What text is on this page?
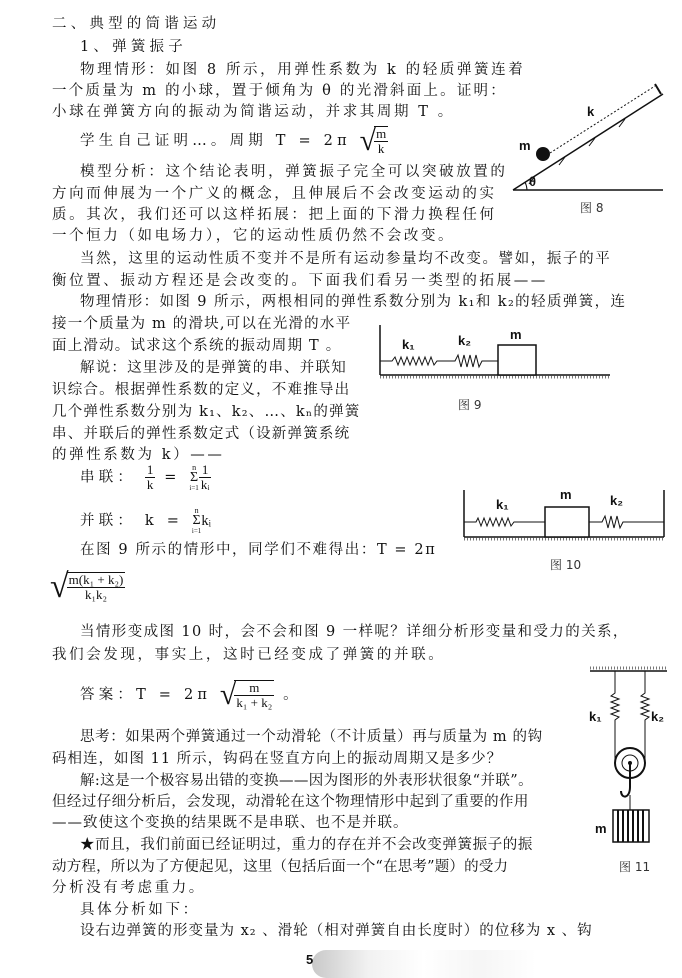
二、典型的筒谐运动
1、弹簧振子
物理情形：如图 8 所示，用弹性系数为 k 的轻质弹簧连着
一个质量为 m 的小球，置于倾角为 θ 的光滑斜面上。证明：
小球在弹簧方向的振动为简谐运动，并求其周期 T 。
学生自己证明…。周期 T = 2π √
$\frac{m}{k}$
模型分析：这个结论表明，弹簧振子完全可以突破放置的
方向而伸展为一个广义的概念，且伸展后不会改变运动的实
质。其次，我们还可以这样拓展：把上面的下滑力换程任何
一个恒力（如电场力），它的运动性质仍然不会改变。
当然，这里的运动性质不变并不是所有运动参量均不改变。譬如，振子的平
衡位置、振动方程还是会改变的。下面我们看另一类型的拓展——
物理情形：如图 9 所示，两根相同的弹性系数分别为 k₁和 k₂的轻质弹簧，连
接一个质量为 m 的滑块,可以在光滑的水平
面上滑动。试求这个系统的振动周期 T 。
解说：这里涉及的是弹簧的串、并联知
识综合。根据弹性系数的定义，不难推导出
几个弹性系数分别为 k₁、k₂、…、kₙ的弹簧
串、并联后的弹性系数定式（设新弹簧系统
的弹性系数为 k）——
串联： $\frac{1}{k}$ =
n
Σ
$i=1 \frac{1}{\text{kᵢ}}$
并联： k =
n
Σ
i=1
kᵢ
在图 9 所示的情形中，同学们不难得出：T = 2π
√
$\frac{\text{m(k₁ + k₂)}}{\text{k₁k₂}}$
当情形变成图 10 时，会不会和图 9 一样呢？详细分析形变量和受力的关系，
我们会发现，事实上，这时已经变成了弹簧的并联。
答案：T = 2π √
$\frac{m}{\text{k₁ + k₂}}$ 。
思考：如果两个弹簧通过一个动滑轮（不计质量）再与质量为 m 的钩
码相连，如图 11 所示，钩码在竖直方向上的振动周期又是多少？
解:这是一个极容易出错的变换——因为图形的外表形状很象“并联”。
但经过仔细分析后，会发现，动滑轮在这个物理情形中起到了重要的作用
——致使这个变换的结果既不是串联、也不是并联。
★而且，我们前面已经证明过，重力的存在并不会改变弹簧振子的振
动方程，所以为了方便起见，这里（包括后面一个“在思考”题）的受力
分析没有考虑重力。
具体分析如下：
设右边弹簧的形变量为 x₂ 、滑轮（相对弹簧自由长度时）的位移为 x 、钩
m
k
θ
图 8
k₁	k₂	m
图 9
k₁
m	k₂
图 10
k₁	k₂
m
图 11
5
